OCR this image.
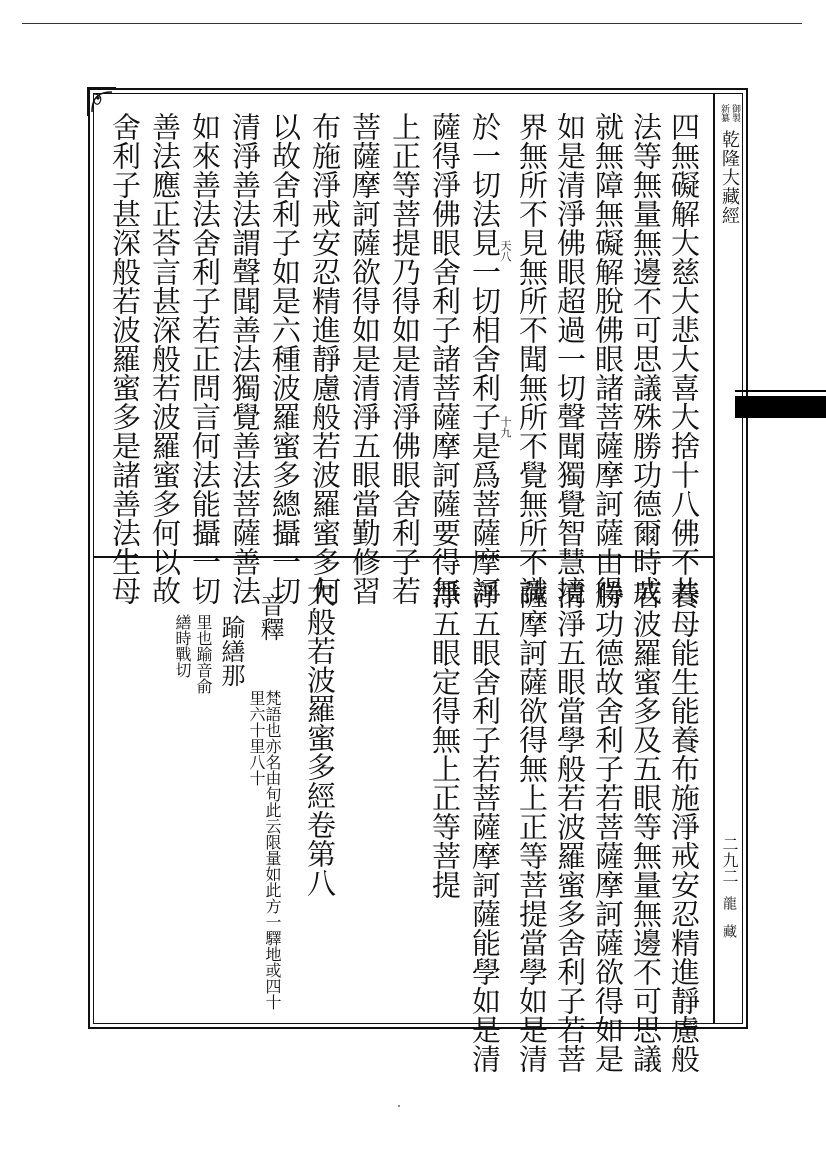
御製
新纂
乾隆大藏經
二九二
龍　藏
四無礙解大慈大悲大喜大捨十八佛不共
法等無量無邊不可思議殊勝功德爾時成
就無障無礙解脫佛眼諸菩薩摩訶薩由得
如是清淨佛眼超過一切聲聞獨覺智慧境
界無所不見無所不聞無所不覺無所不識
於一切法見一切相舍利子是爲菩薩摩訶
薩得淨佛眼舍利子諸菩薩摩訶薩要得無
上正等菩提乃得如是清淨佛眼舍利子若
菩薩摩訶薩欲得如是清淨五眼當勤修習
布施淨戒安忍精進靜慮般若波羅蜜多何
以故舍利子如是六種波羅蜜多總攝一切
清淨善法謂聲聞善法獨覺善法菩薩善法
如來善法舍利子若正問言何法能攝一切
善法應正荅言甚深般若波羅蜜多何以故
舍利子甚深般若波羅蜜多是諸善法生母	天八
十九
養母能生能養布施淨戒安忍精進靜慮般
若波羅蜜多及五眼等無量無邊不可思議
勝功德故舍利子若菩薩摩訶薩欲得如是
清淨五眼當學般若波羅蜜多舍利子若菩
薩摩訶薩欲得無上正等菩提當學如是清
淨五眼舍利子若菩薩摩訶薩能學如是清
淨五眼定得無上正等菩提
大般若波羅蜜多經卷第八
音釋
踰繕那
梵語也亦名由旬此云限量如此方一驛地或四十里六十里八十
里也踰音俞
繕時戰切
